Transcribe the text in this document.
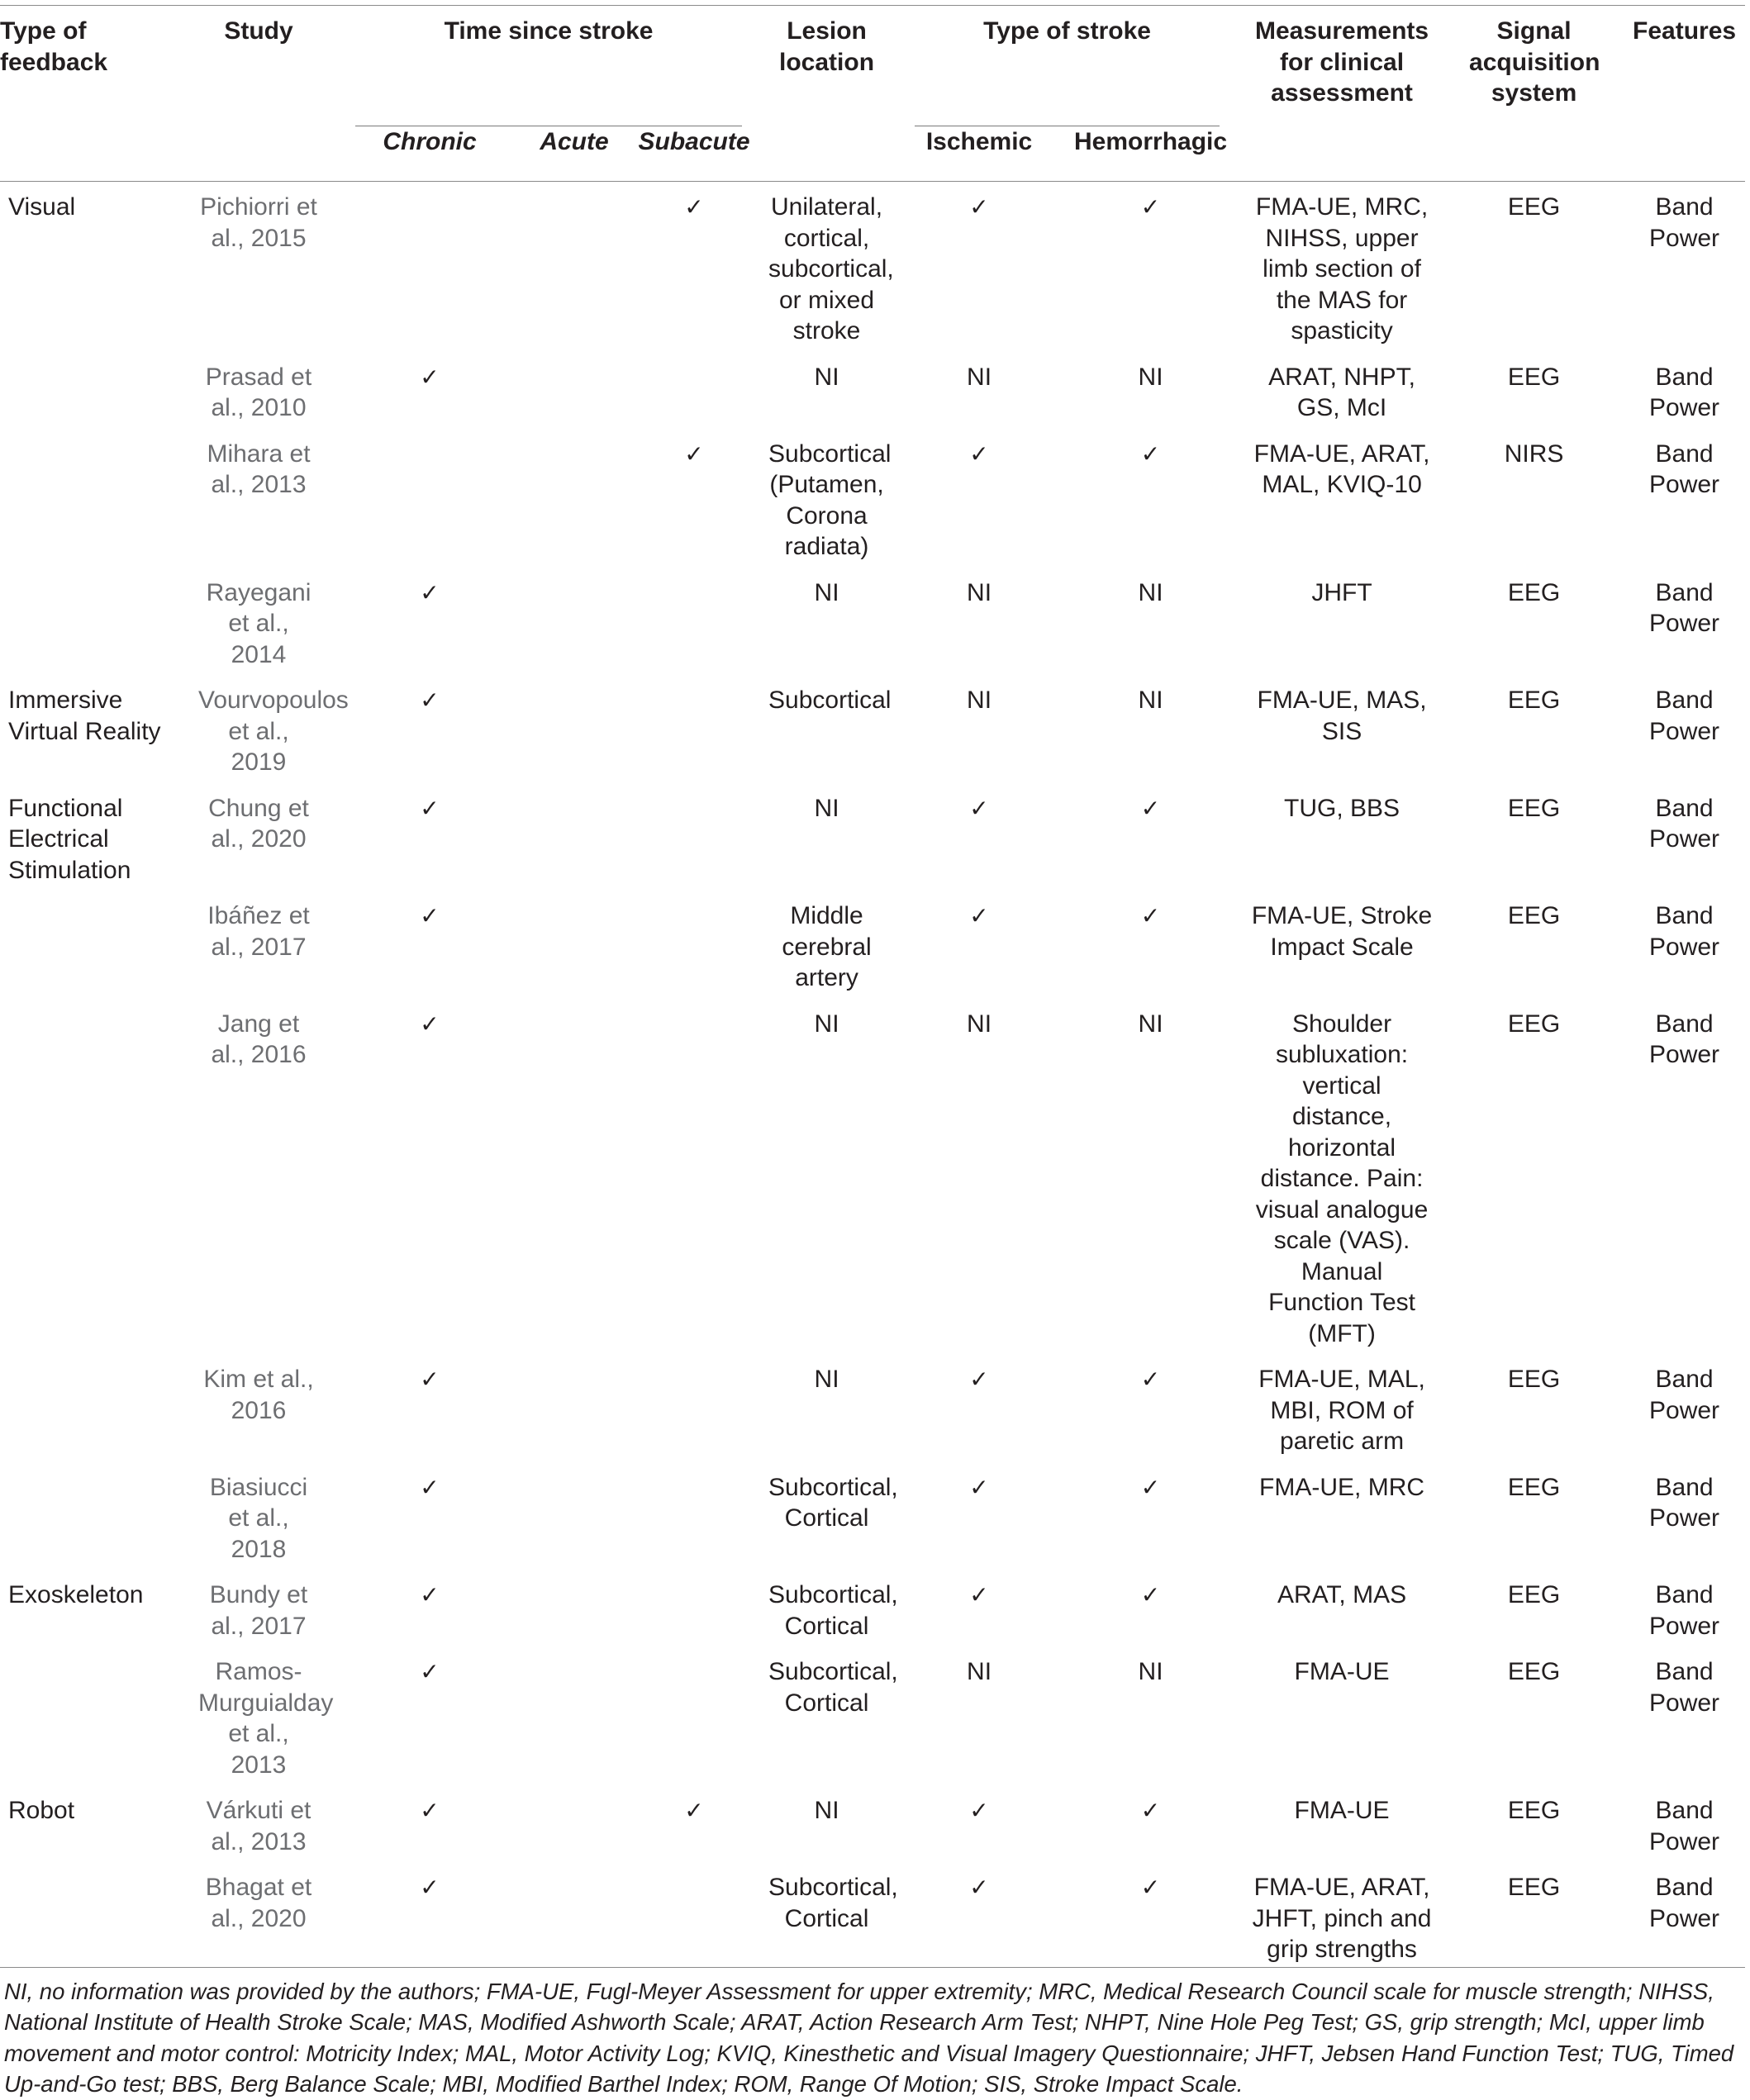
Type of feedback	Study	Time since stroke			Lesion location	Type of stroke		Measurements for clinical assessment	Signal acquisition system	Features
		Chronic	Acute	Subacute		Ischemic	Hemorrhagic			

Visual	Pichiorri et al., 2015			✓	Unilateral, cortical, subcortical, or mixed stroke	✓	✓	FMA-UE, MRC, NIHSS, upper limb section of the MAS for spasticity	EEG	Band Power

	Prasad et al., 2010	✓			NI	NI	NI	ARAT, NHPT, GS, McI	EEG	Band Power

	Mihara et al., 2013			✓	Subcortical (Putamen, Corona radiata)	✓	✓	FMA-UE, ARAT, MAL, KVIQ-10	NIRS	Band Power

	Rayegani et al., 2014	✓			NI	NI	NI	JHFT	EEG	Band Power

Immersive Virtual Reality	Vourvopoulos et al., 2019	✓			Subcortical	NI	NI	FMA-UE, MAS, SIS	EEG	Band Power

Functional Electrical Stimulation	Chung et al., 2020	✓			NI	✓	✓	TUG, BBS	EEG	Band Power

	Ibáñez et al., 2017	✓			Middle cerebral artery	✓	✓	FMA-UE, Stroke Impact Scale	EEG	Band Power

	Jang et al., 2016	✓			NI	NI	NI	Shoulder subluxation: vertical distance, horizontal distance. Pain: visual analogue scale (VAS). Manual Function Test (MFT)	EEG	Band Power

	Kim et al., 2016	✓			NI	✓	✓	FMA-UE, MAL, MBI, ROM of paretic arm	EEG	Band Power

	Biasiucci et al., 2018	✓			Subcortical, Cortical	✓	✓	FMA-UE, MRC	EEG	Band Power

Exoskeleton	Bundy et al., 2017	✓			Subcortical, Cortical	✓	✓	ARAT, MAS	EEG	Band Power

	Ramos-Murguialday et al., 2013	✓			Subcortical, Cortical	NI	NI	FMA-UE	EEG	Band Power

Robot	Várkuti et al., 2013	✓		✓	NI	✓	✓	FMA-UE	EEG	Band Power

	Bhagat et al., 2020	✓			Subcortical, Cortical	✓	✓	FMA-UE, ARAT, JHFT, pinch and grip strengths	EEG	Band Power

NI, no information was provided by the authors; FMA-UE, Fugl-Meyer Assessment for upper extremity; MRC, Medical Research Council scale for muscle strength; NIHSS, National Institute of Health Stroke Scale; MAS, Modified Ashworth Scale; ARAT, Action Research Arm Test; NHPT, Nine Hole Peg Test; GS, grip strength; McI, upper limb movement and motor control: Motricity Index; MAL, Motor Activity Log; KVIQ, Kinesthetic and Visual Imagery Questionnaire; JHFT, Jebsen Hand Function Test; TUG, Timed Up-and-Go test; BBS, Berg Balance Scale; MBI, Modified Barthel Index; ROM, Range Of Motion; SIS, Stroke Impact Scale.										
